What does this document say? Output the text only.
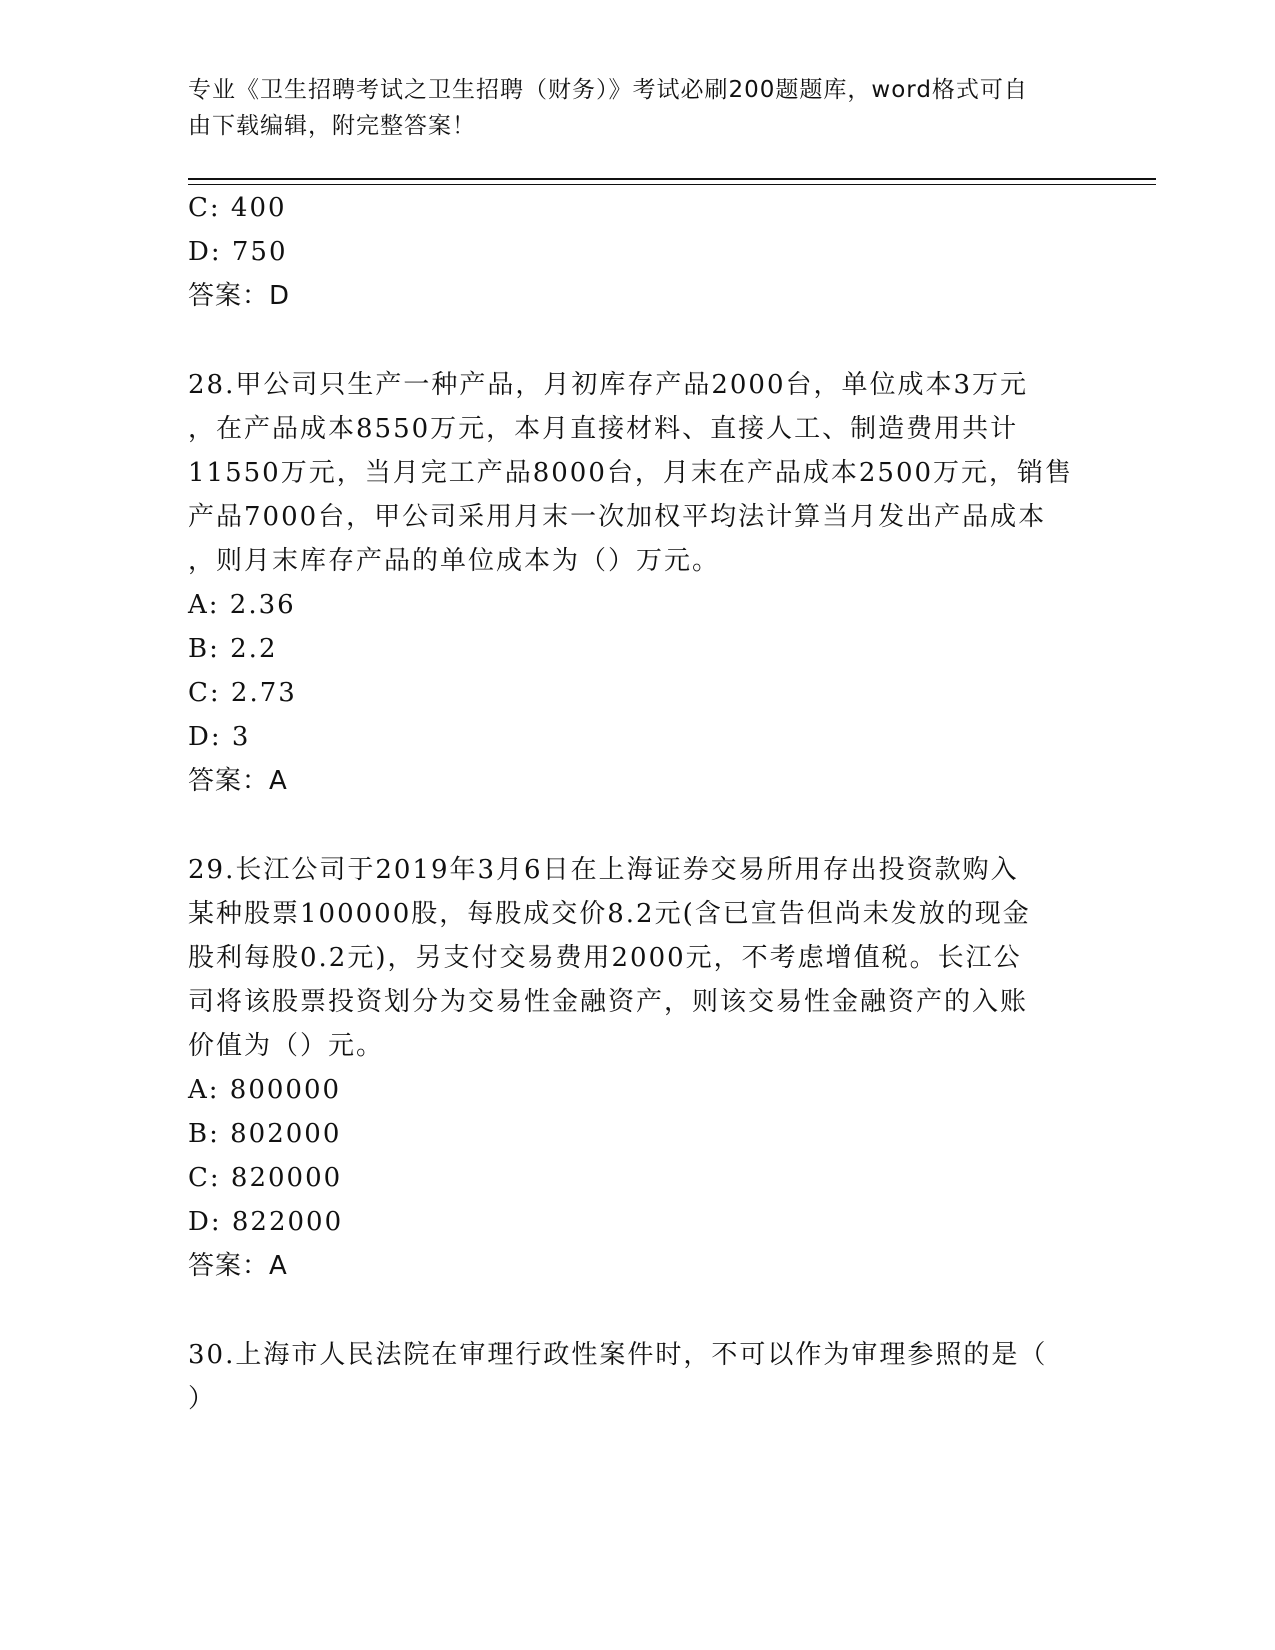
专业《卫生招聘考试之卫生招聘（财务）》考试必刷200题题库，word格式可自
由下载编辑，附完整答案！
C: 400
D: 750
答案：D
28.甲公司只生产一种产品，月初库存产品2000台，单位成本3万元
，在产品成本8550万元，本月直接材料、直接人工、制造费用共计
11550万元，当月完工产品8000台，月末在产品成本2500万元，销售
产品7000台，甲公司采用月末一次加权平均法计算当月发出产品成本
，则月末库存产品的单位成本为（）万元。
A: 2.36
B: 2.2
C: 2.73
D: 3
答案：A
29.长江公司于2019年3月6日在上海证券交易所用存出投资款购入
某种股票100000股，每股成交价8.2元(含已宣告但尚未发放的现金
股利每股0.2元)，另支付交易费用2000元，不考虑增值税。长江公
司将该股票投资划分为交易性金融资产，则该交易性金融资产的入账
价值为（）元。
A: 800000
B: 802000
C: 820000
D: 822000
答案：A
30.上海市人民法院在审理行政性案件时，不可以作为审理参照的是（
）
